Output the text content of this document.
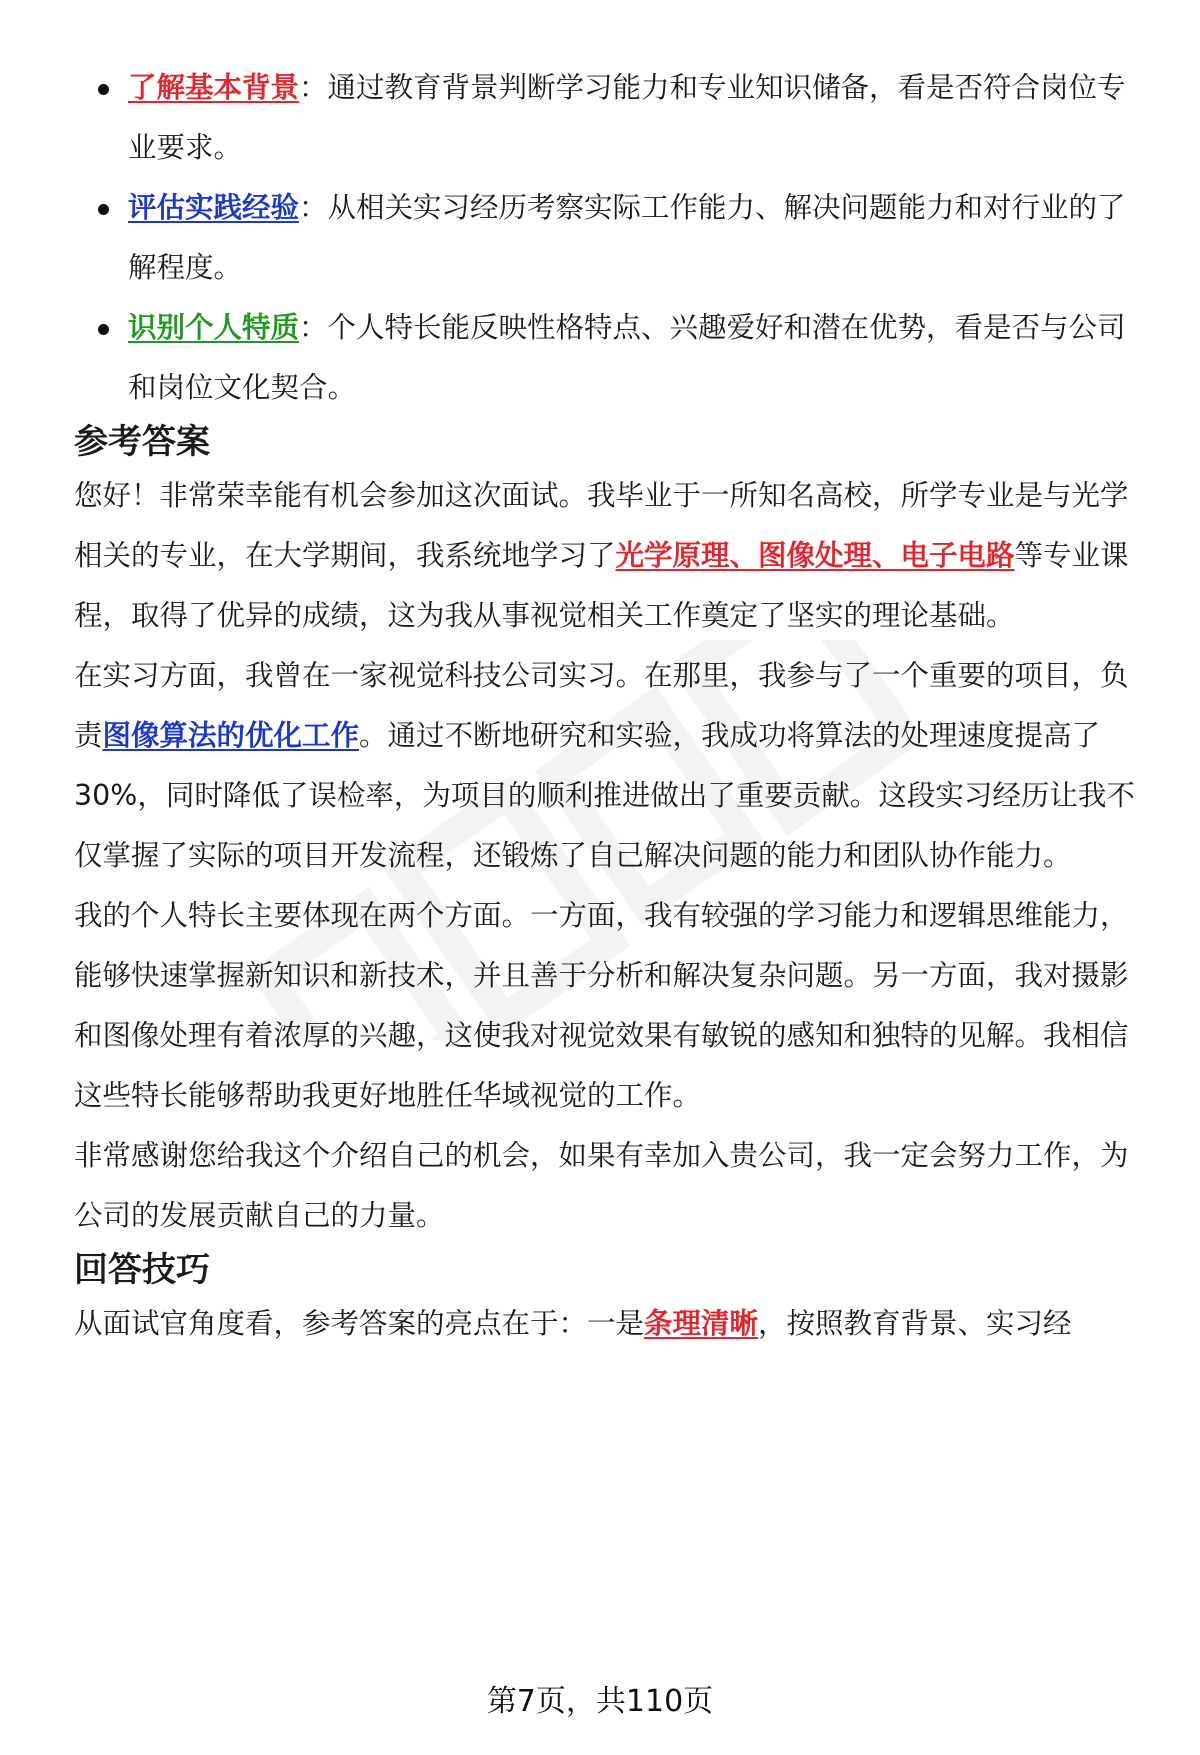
了解基本背景：通过教育背景判断学习能力和专业知识储备，看是否符合岗位专业要求。
评估实践经验：从相关实习经历考察实际工作能力、解决问题能力和对行业的了解程度。
识别个人特质：个人特长能反映性格特点、兴趣爱好和潜在优势，看是否与公司和岗位文化契合。
参考答案

您好！非常荣幸能有机会参加这次面试。我毕业于一所知名高校，所学专业是与光学相关的专业，在大学期间，我系统地学习了光学原理、图像处理、电子电路等专业课程，取得了优异的成绩，这为我从事视觉相关工作奠定了坚实的理论基础。

在实习方面，我曾在一家视觉科技公司实习。在那里，我参与了一个重要的项目，负责图像算法的优化工作。通过不断地研究和实验，我成功将算法的处理速度提高了30%，同时降低了误检率，为项目的顺利推进做出了重要贡献。这段实习经历让我不仅掌握了实际的项目开发流程，还锻炼了自己解决问题的能力和团队协作能力。

我的个人特长主要体现在两个方面。一方面，我有较强的学习能力和逻辑思维能力，能够快速掌握新知识和新技术，并且善于分析和解决复杂问题。另一方面，我对摄影和图像处理有着浓厚的兴趣，这使我对视觉效果有敏锐的感知和独特的见解。我相信这些特长能够帮助我更好地胜任华域视觉的工作。

非常感谢您给我这个介绍自己的机会，如果有幸加入贵公司，我一定会努力工作，为公司的发展贡献自己的力量。

回答技巧

从面试官角度看，参考答案的亮点在于：一是条理清晰，按照教育背景、实习经

第7页，共110页
